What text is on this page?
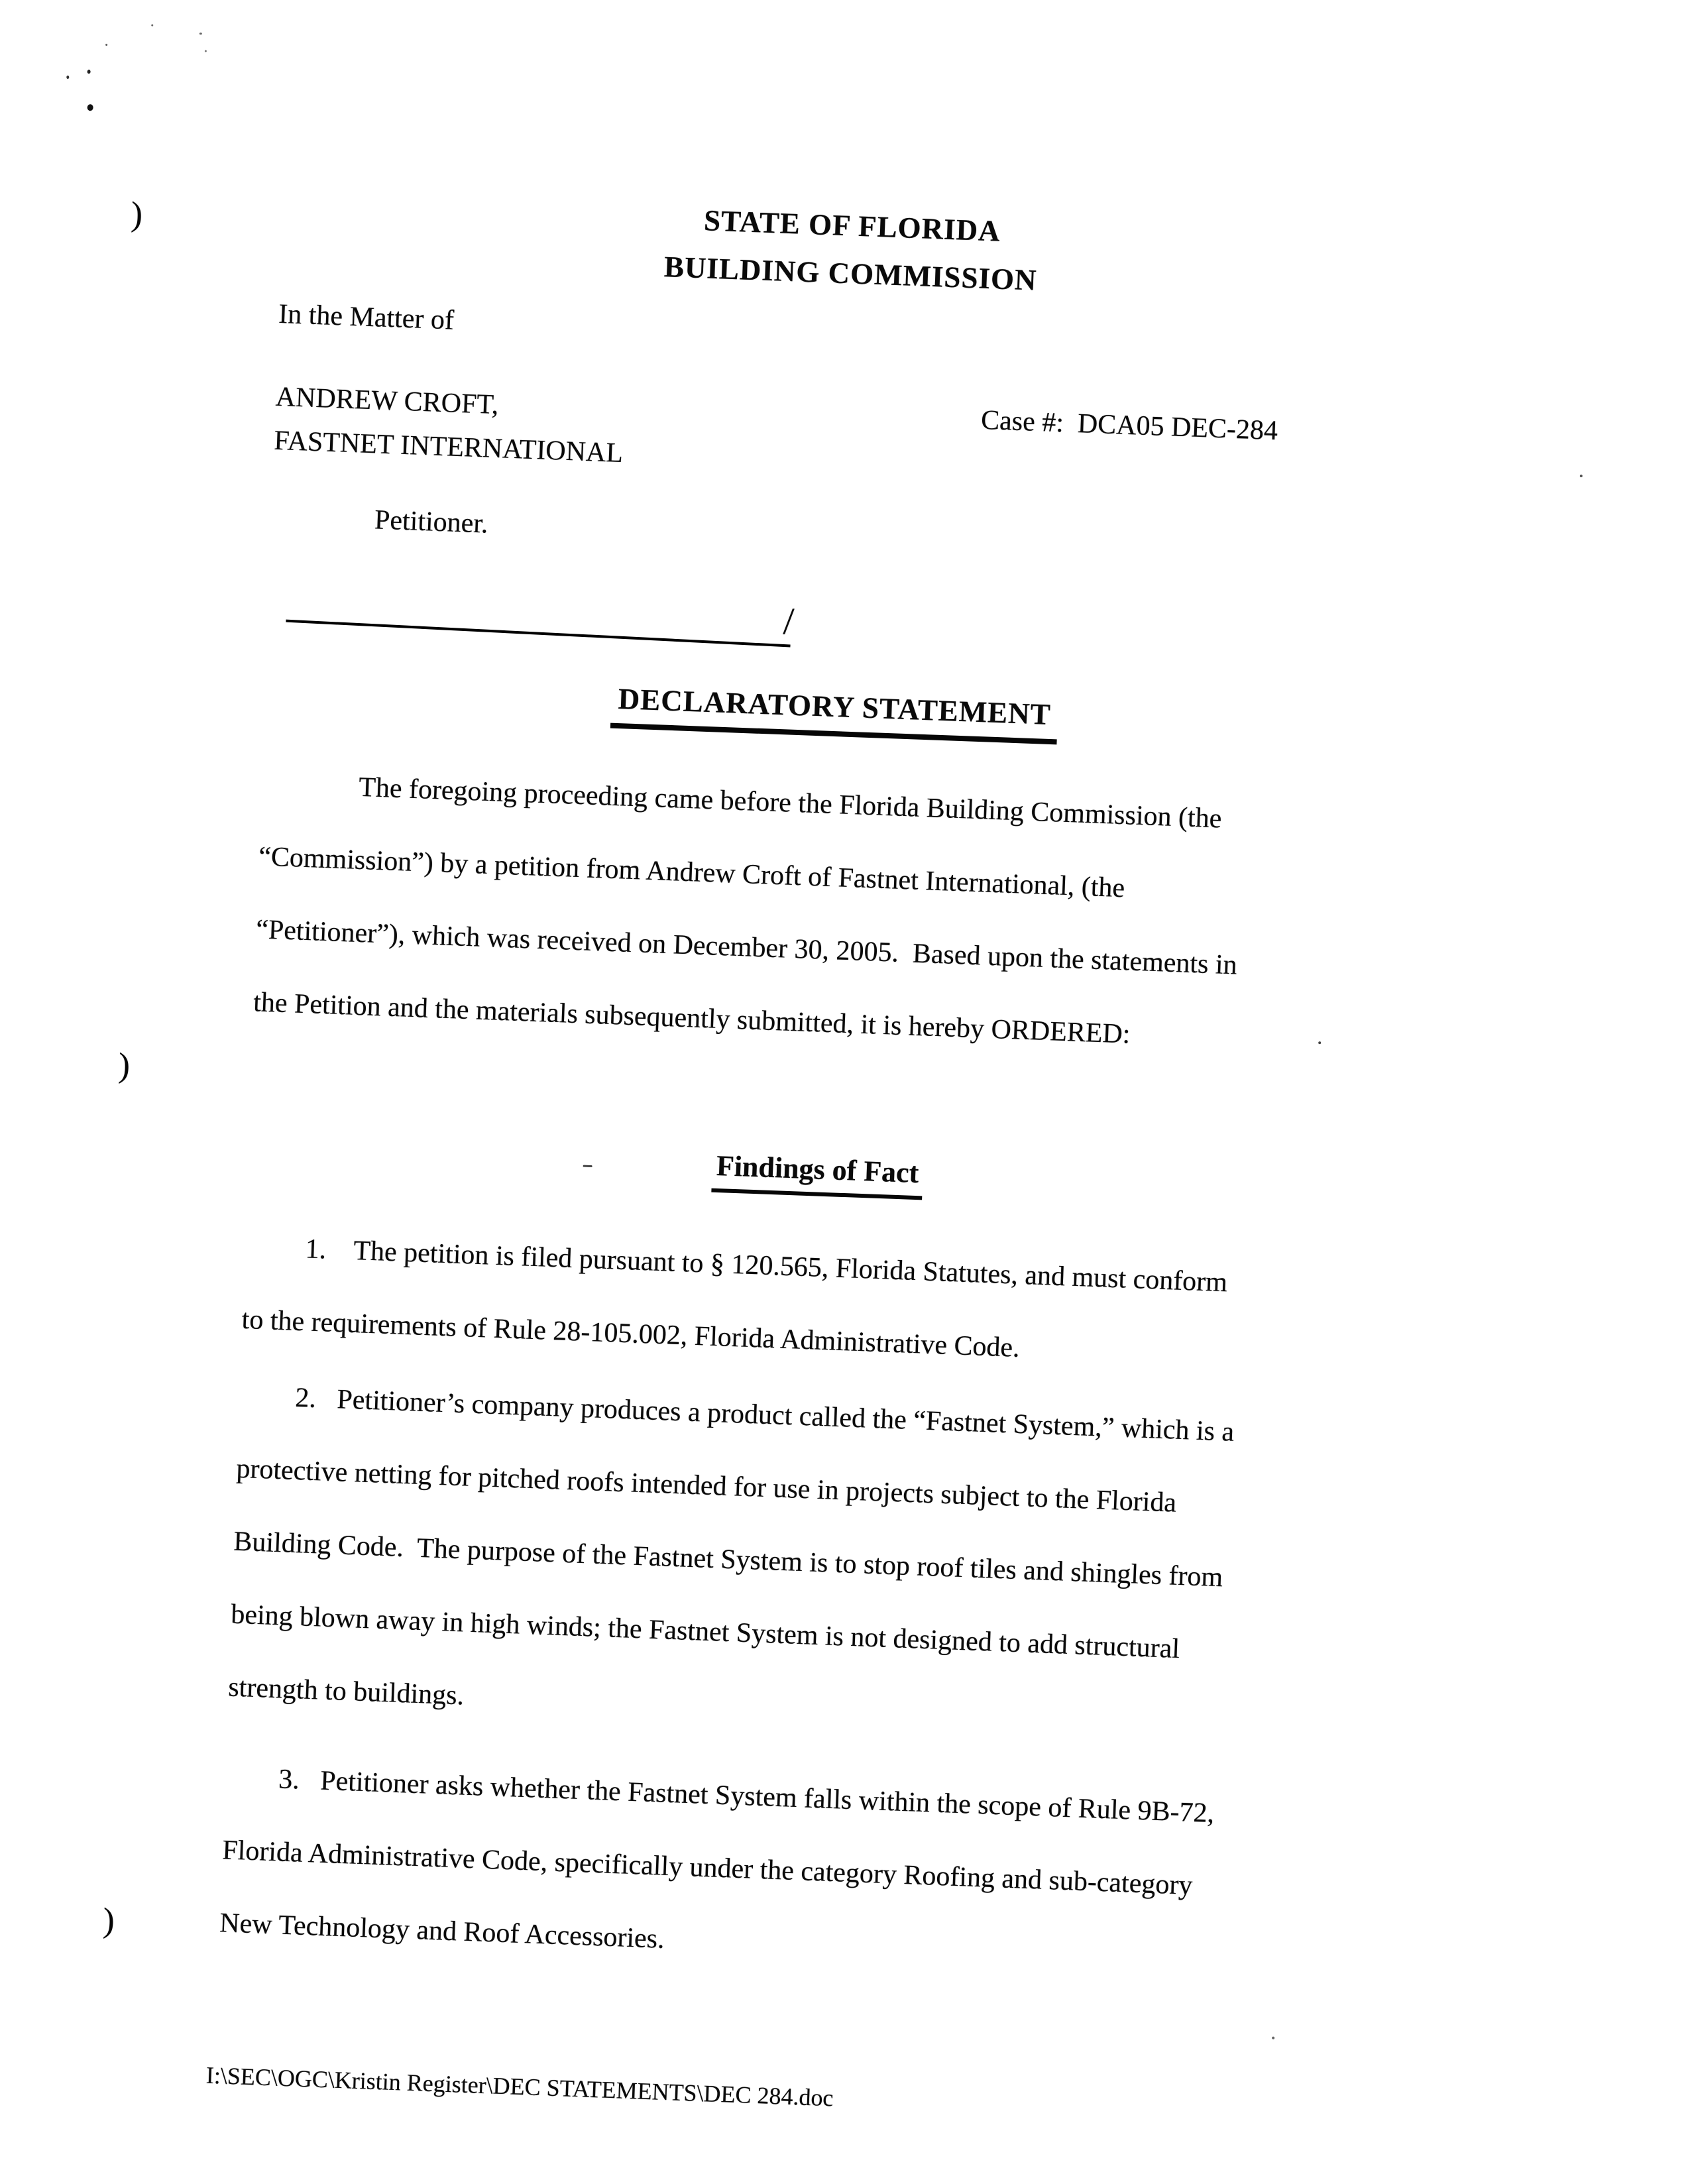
)
)
)
STATE OF FLORIDA
BUILDING COMMISSION
In the Matter of
ANDREW CROFT,
FASTNET INTERNATIONAL	Case #:  DCA05 DEC-284
Petitioner.
/
DECLARATORY STATEMENT
The foregoing proceeding came before the Florida Building Commission (the
“Commission”) by a petition from Andrew Croft of Fastnet International, (the
“Petitioner”), which was received on December 30, 2005.  Based upon the statements in
the Petition and the materials subsequently submitted, it is hereby ORDERED:
Findings of Fact
1.    The petition is filed pursuant to § 120.565, Florida Statutes, and must conform
to the requirements of Rule 28-105.002, Florida Administrative Code.
2.   Petitioner’s company produces a product called the “Fastnet System,” which is a
protective netting for pitched roofs intended for use in projects subject to the Florida
Building Code.  The purpose of the Fastnet System is to stop roof tiles and shingles from
being blown away in high winds; the Fastnet System is not designed to add structural
strength to buildings.
3.   Petitioner asks whether the Fastnet System falls within the scope of Rule 9B-72,
Florida Administrative Code, specifically under the category Roofing and sub-category
New Technology and Roof Accessories.
I:\SEC\OGC\Kristin Register\DEC STATEMENTS\DEC 284.doc
